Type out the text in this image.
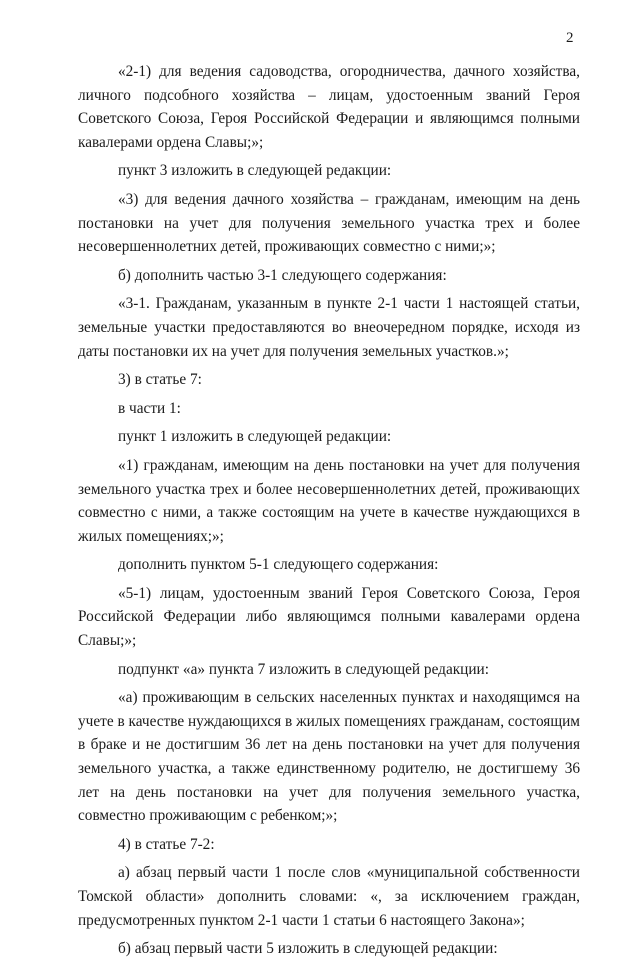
2

«2-1) для ведения садоводства, огородничества, дачного хозяйства, личного подсобного хозяйства – лицам, удостоенным званий Героя Советского Союза, Героя Российской Федерации и являющимся полными кавалерами ордена Славы;»;

пункт 3 изложить в следующей редакции:

«3) для ведения дачного хозяйства – гражданам, имеющим на день постановки на учет для получения земельного участка трех и более несовершеннолетних детей, проживающих совместно с ними;»;

б) дополнить частью 3-1 следующего содержания:

«3-1. Гражданам, указанным в пункте 2-1 части 1 настоящей статьи, земельные участки предоставляются во внеочередном порядке, исходя из даты постановки их на учет для получения земельных участков.»;

3) в статье 7:

в части 1:

пункт 1 изложить в следующей редакции:

«1) гражданам, имеющим на день постановки на учет для получения земельного участка трех и более несовершеннолетних детей, проживающих совместно с ними, а также состоящим на учете в качестве нуждающихся в жилых помещениях;»;

дополнить пунктом 5-1 следующего содержания:

«5-1) лицам, удостоенным званий Героя Советского Союза, Героя Российской Федерации либо являющимся полными кавалерами ордена Славы;»;

подпункт «а» пункта 7 изложить в следующей редакции:

«а) проживающим в сельских населенных пунктах и находящимся на учете в качестве нуждающихся в жилых помещениях гражданам, состоящим в браке и не достигшим 36 лет на день постановки на учет для получения земельного участка, а также единственному родителю, не достигшему 36 лет на день постановки на учет для получения земельного участка, совместно проживающим с ребенком;»;

4) в статье 7-2:

а) абзац первый части 1 после слов «муниципальной собственности Томской области» дополнить словами: «, за исключением граждан, предусмотренных пунктом 2-1 части 1 статьи 6 настоящего Закона»;

б) абзац первый части 5 изложить в следующей редакции:
